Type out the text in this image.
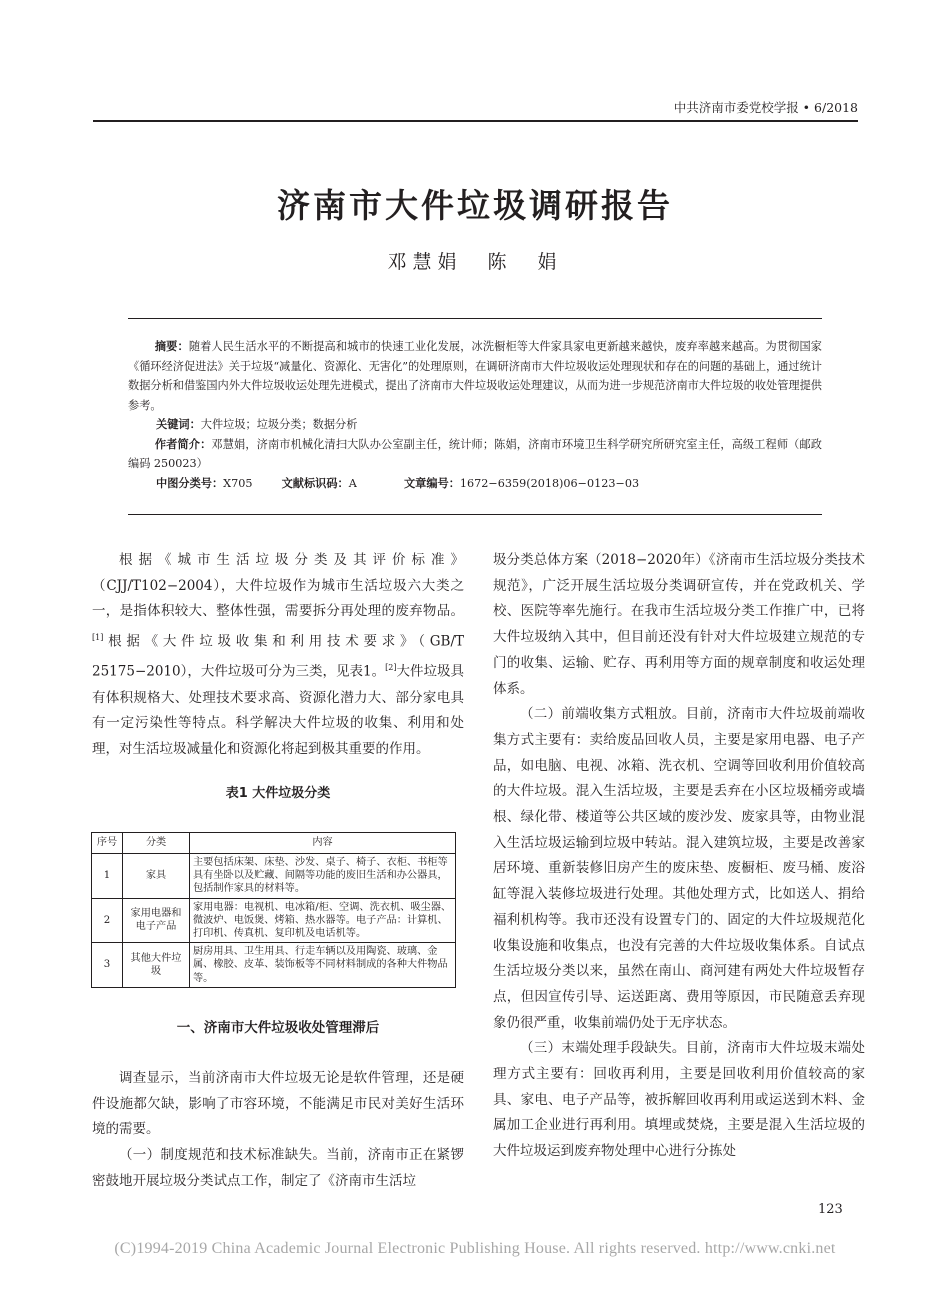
中共济南市委党校学报 • 6/2018
济南市大件垃圾调研报告
邓慧娟　陈　娟

摘要：随着人民生活水平的不断提高和城市的快速工业化发展，冰洗橱柜等大件家具家电更新越来越快，废弃率越来越高。为贯彻国家《循环经济促进法》关于垃圾“减量化、资源化、无害化”的处理原则，在调研济南市大件垃圾收运处理现状和存在的问题的基础上，通过统计数据分析和借鉴国内外大件垃圾收运处理先进模式，提出了济南市大件垃圾收运处理建议，从而为进一步规范济南市大件垃圾的收处管理提供参考。

关键词：大件垃圾；垃圾分类；数据分析

作者简介：邓慧娟，济南市机械化清扫大队办公室副主任，统计师；陈娟，济南市环境卫生科学研究所研究室主任，高级工程师（邮政编码 250023）

中图分类号：X705	文献标识码：A	文章编号：1672−6359(2018)06−0123−03

根据《城市生活垃圾分类及其评价标准》（CJJ/T102−2004），大件垃圾作为城市生活垃圾六大类之一，是指体积较大、整体性强，需要拆分再处理的废弃物品。[1]根据《大件垃圾收集和利用技术要求》（GB/T 25175−2010），大件垃圾可分为三类，见表1。[2]大件垃圾具有体积规格大、处理技术要求高、资源化潜力大、部分家电具有一定污染性等特点。科学解决大件垃圾的收集、利用和处理，对生活垃圾减量化和资源化将起到极其重要的作用。

表1 大件垃圾分类
序号	分类	内容
1	家具	主要包括床架、床垫、沙发、桌子、椅子、衣柜、书柜等具有坐卧以及贮藏、间隔等功能的废旧生活和办公器具，包括制作家具的材料等。
2	家用电器和电子产品	家用电器：电视机、电冰箱/柜、空调、洗衣机、吸尘器、微波炉、电饭煲、烤箱、热水器等。电子产品：计算机、打印机、传真机、复印机及电话机等。
3	其他大件垃圾	厨房用具、卫生用具、行走车辆以及用陶瓷、玻璃、金属、橡胶、皮革、装饰板等不同材料制成的各种大件物品等。
一、济南市大件垃圾收处管理滞后

调查显示，当前济南市大件垃圾无论是软件管理，还是硬件设施都欠缺，影响了市容环境，不能满足市民对美好生活环境的需要。

（一）制度规范和技术标准缺失。当前，济南市正在紧锣密鼓地开展垃圾分类试点工作，制定了《济南市生活垃

圾分类总体方案（2018−2020年）《济南市生活垃圾分类技术规范》，广泛开展生活垃圾分类调研宣传，并在党政机关、学校、医院等率先施行。在我市生活垃圾分类工作推广中，已将大件垃圾纳入其中，但目前还没有针对大件垃圾建立规范的专门的收集、运输、贮存、再利用等方面的规章制度和收运处理体系。

（二）前端收集方式粗放。目前，济南市大件垃圾前端收集方式主要有：卖给废品回收人员，主要是家用电器、电子产品，如电脑、电视、冰箱、洗衣机、空调等回收利用价值较高的大件垃圾。混入生活垃圾，主要是丢弃在小区垃圾桶旁或墙根、绿化带、楼道等公共区域的废沙发、废家具等，由物业混入生活垃圾运输到垃圾中转站。混入建筑垃圾，主要是改善家居环境、重新装修旧房产生的废床垫、废橱柜、废马桶、废浴缸等混入装修垃圾进行处理。其他处理方式，比如送人、捐给福利机构等。我市还没有设置专门的、固定的大件垃圾规范化收集设施和收集点，也没有完善的大件垃圾收集体系。自试点生活垃圾分类以来，虽然在南山、商河建有两处大件垃圾暂存点，但因宣传引导、运送距离、费用等原因，市民随意丢弃现象仍很严重，收集前端仍处于无序状态。

（三）末端处理手段缺失。目前，济南市大件垃圾末端处理方式主要有：回收再利用，主要是回收利用价值较高的家具、家电、电子产品等，被拆解回收再利用或运送到木料、金属加工企业进行再利用。填埋或焚烧，主要是混入生活垃圾的大件垃圾运到废弃物处理中心进行分拣处

123
(C)1994-2019 China Academic Journal Electronic Publishing House. All rights reserved. http://www.cnki.net
